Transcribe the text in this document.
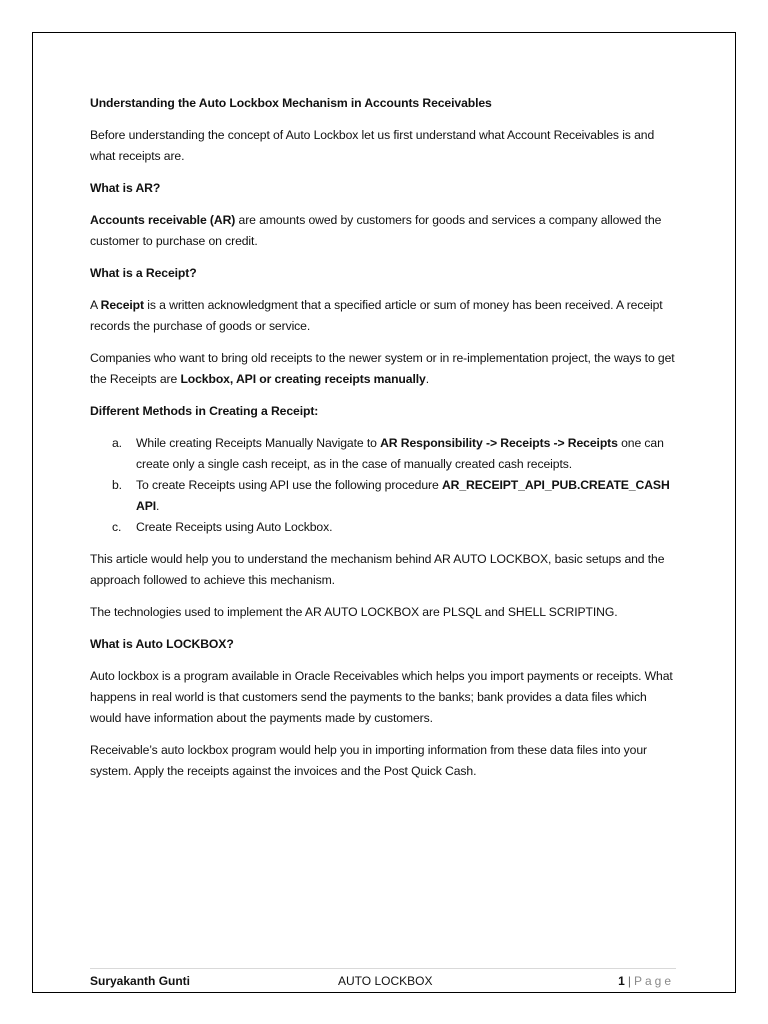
Understanding the Auto Lockbox Mechanism in Accounts Receivables

Before understanding the concept of Auto Lockbox let us first understand what Account Receivables is and what receipts are.

What is AR?

Accounts receivable (AR) are amounts owed by customers for goods and services a company allowed the customer to purchase on credit.

What is a Receipt?

A Receipt is a written acknowledgment that a specified article or sum of money has been received. A receipt records the purchase of goods or service.

Companies who want to bring old receipts to the newer system or in re-implementation project, the ways to get the Receipts are Lockbox, API or creating receipts manually.

Different Methods in Creating a Receipt:

a. While creating Receipts Manually Navigate to AR Responsibility -> Receipts -> Receipts one can create only a single cash receipt, as in the case of manually created cash receipts.
b. To create Receipts using API use the following procedure AR_RECEIPT_API_PUB.CREATE_CASH API.
c. Create Receipts using Auto Lockbox.

This article would help you to understand the mechanism behind AR AUTO LOCKBOX, basic setups and the approach followed to achieve this mechanism.

The technologies used to implement the AR AUTO LOCKBOX are PLSQL and SHELL SCRIPTING.

What is Auto LOCKBOX?

Auto lockbox is a program available in Oracle Receivables which helps you import payments or receipts. What happens in real world is that customers send the payments to the banks; bank provides a data files which would have information about the payments made by customers.

Receivable’s auto lockbox program would help you in importing information from these data files into your system. Apply the receipts against the invoices and the Post Quick Cash.

Suryakanth Gunti	AUTO LOCKBOX	1 | Page
